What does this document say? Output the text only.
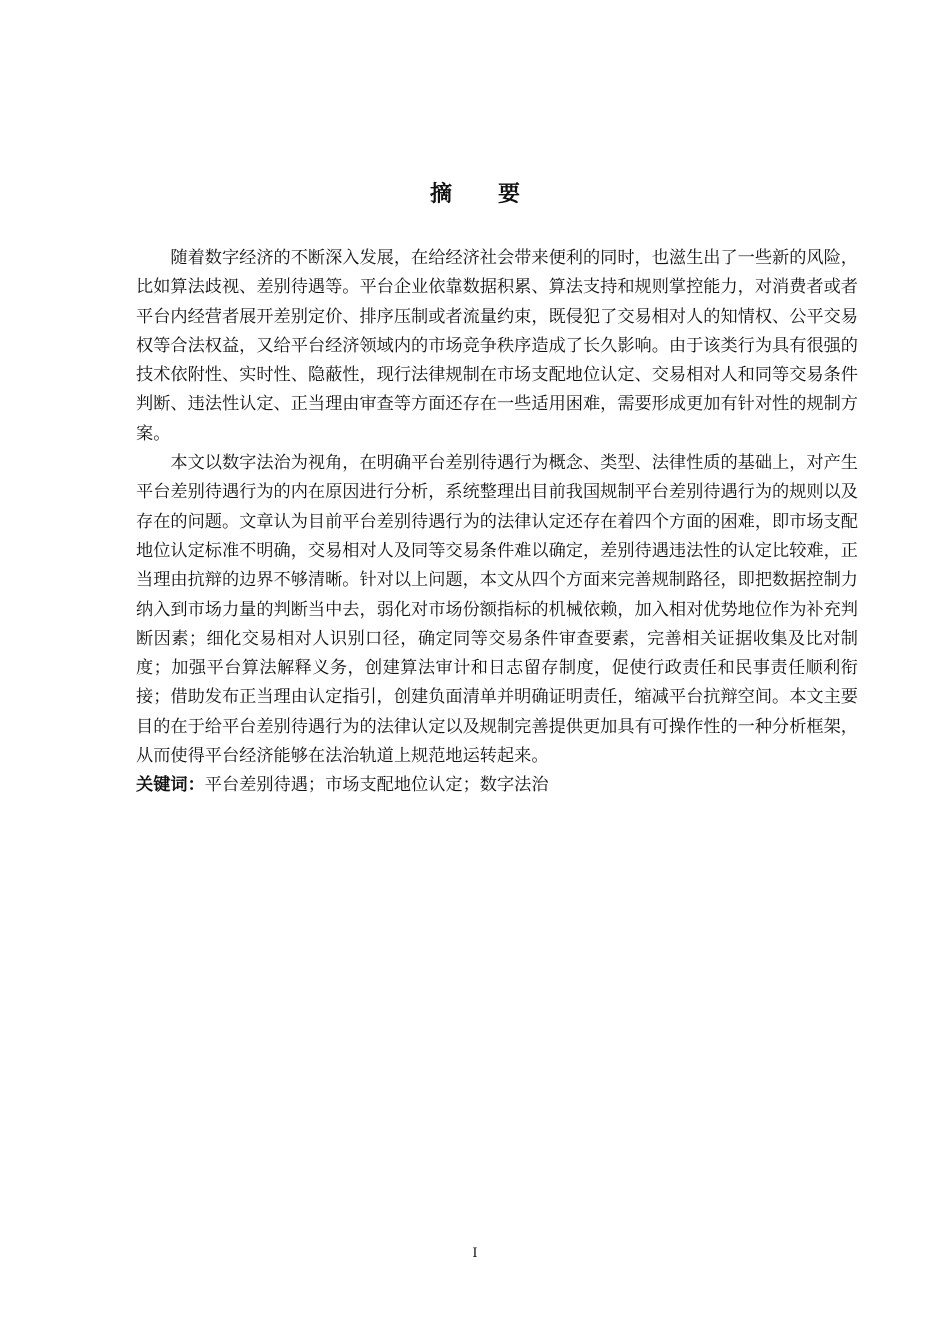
摘      要

随着数字经济的不断深入发展，在给经济社会带来便利的同时，也滋生出了一些新的风险，比如算法歧视、差别待遇等。平台企业依靠数据积累、算法支持和规则掌控能力，对消费者或者平台内经营者展开差别定价、排序压制或者流量约束，既侵犯了交易相对人的知情权、公平交易权等合法权益，又给平台经济领域内的市场竞争秩序造成了长久影响。由于该类行为具有很强的技术依附性、实时性、隐蔽性，现行法律规制在市场支配地位认定、交易相对人和同等交易条件判断、违法性认定、正当理由审查等方面还存在一些适用困难，需要形成更加有针对性的规制方案。

本文以数字法治为视角，在明确平台差别待遇行为概念、类型、法律性质的基础上，对产生平台差别待遇行为的内在原因进行分析，系统整理出目前我国规制平台差别待遇行为的规则以及存在的问题。文章认为目前平台差别待遇行为的法律认定还存在着四个方面的困难，即市场支配地位认定标准不明确，交易相对人及同等交易条件难以确定，差别待遇违法性的认定比较难，正当理由抗辩的边界不够清晰。针对以上问题，本文从四个方面来完善规制路径，即把数据控制力纳入到市场力量的判断当中去，弱化对市场份额指标的机械依赖，加入相对优势地位作为补充判断因素；细化交易相对人识别口径，确定同等交易条件审查要素，完善相关证据收集及比对制度；加强平台算法解释义务，创建算法审计和日志留存制度，促使行政责任和民事责任顺利衔接；借助发布正当理由认定指引，创建负面清单并明确证明责任，缩减平台抗辩空间。本文主要目的在于给平台差别待遇行为的法律认定以及规制完善提供更加具有可操作性的一种分析框架，从而使得平台经济能够在法治轨道上规范地运转起来。

关键词：平台差别待遇；市场支配地位认定；数字法治
I
